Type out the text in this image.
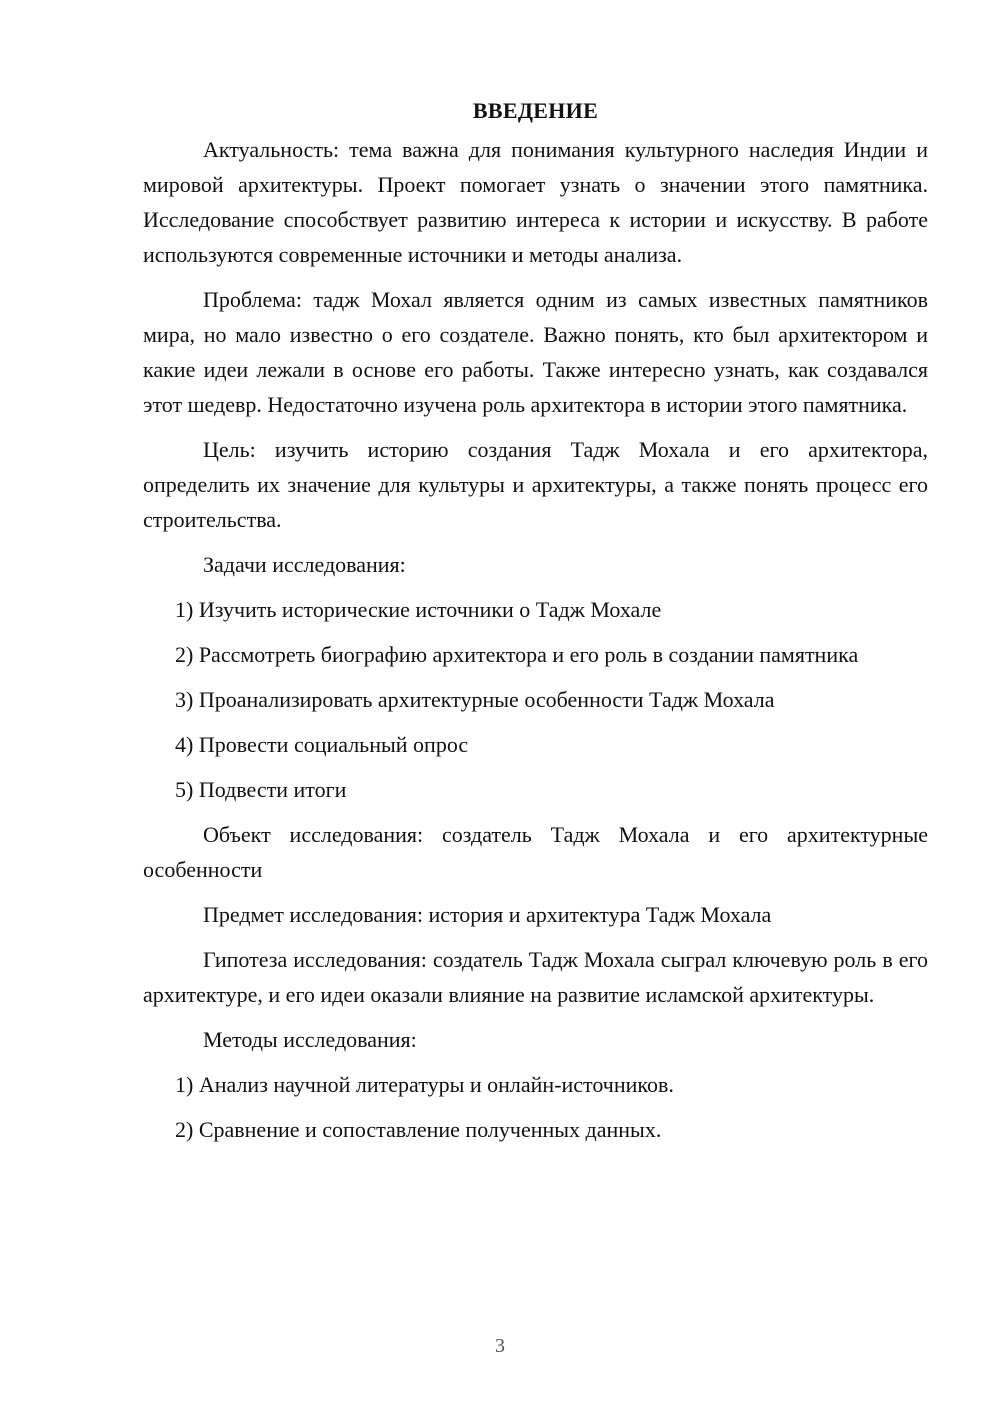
ВВЕДЕНИЕ

Актуальность: тема важна для понимания культурного наследия Индии и мировой архитектуры. Проект помогает узнать о значении этого памятника. Исследование способствует развитию интереса к истории и искусству. В работе используются современные источники и методы анализа.

Проблема: тадж Мохал является одним из самых известных памятников мира, но мало известно о его создателе. Важно понять, кто был архитектором и какие идеи лежали в основе его работы. Также интересно узнать, как создавался этот шедевр. Недостаточно изучена роль архитектора в истории этого памятника.

Цель: изучить историю создания Тадж Мохала и его архитектора, определить их значение для культуры и архитектуры, а также понять процесс его строительства.

Задачи исследования:

1) Изучить исторические источники о Тадж Мохале

2) Рассмотреть биографию архитектора и его роль в создании памятника

3) Проанализировать архитектурные особенности Тадж Мохала

4) Провести социальный опрос

5) Подвести итоги

Объект исследования: создатель Тадж Мохала и его архитектурные особенности

Предмет исследования: история и архитектура Тадж Мохала

Гипотеза исследования: создатель Тадж Мохала сыграл ключевую роль в его архитектуре, и его идеи оказали влияние на развитие исламской архитектуры.

Методы исследования:

1) Анализ научной литературы и онлайн-источников.

2) Сравнение и сопоставление полученных данных.

3
